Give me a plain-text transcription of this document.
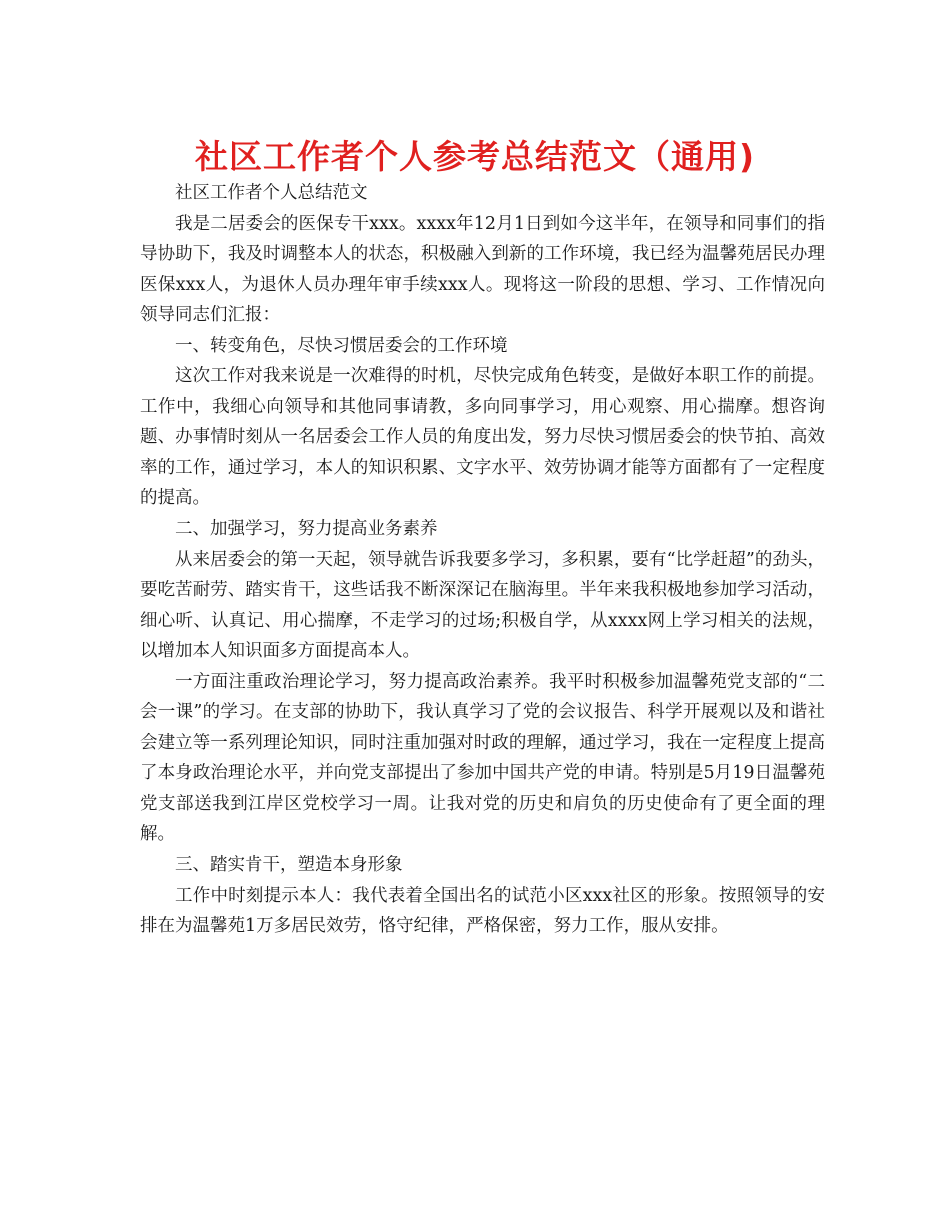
社区工作者个人参考总结范文（通用)

社区工作者个人总结范文

我是二居委会的医保专干xxx。xxxx年12月1日到如今这半年，在领导和同事们的指导协助下，我及时调整本人的状态，积极融入到新的工作环境，我已经为温馨苑居民办理医保xxx人，为退休人员办理年审手续xxx人。现将这一阶段的思想、学习、工作情况向领导同志们汇报：

一、转变角色，尽快习惯居委会的工作环境

这次工作对我来说是一次难得的时机，尽快完成角色转变，是做好本职工作的前提。工作中，我细心向领导和其他同事请教，多向同事学习，用心观察、用心揣摩。想咨询题、办事情时刻从一名居委会工作人员的角度出发，努力尽快习惯居委会的快节拍、高效率的工作，通过学习，本人的知识积累、文字水平、效劳协调才能等方面都有了一定程度的提高。

二、加强学习，努力提高业务素养

从来居委会的第一天起，领导就告诉我要多学习，多积累，要有“比学赶超”的劲头，要吃苦耐劳、踏实肯干，这些话我不断深深记在脑海里。半年来我积极地参加学习活动，细心听、认真记、用心揣摩，不走学习的过场;积极自学，从xxxx网上学习相关的法规，以增加本人知识面多方面提高本人。

一方面注重政治理论学习，努力提高政治素养。我平时积极参加温馨苑党支部的“二会一课”的学习。在支部的协助下，我认真学习了党的会议报告、科学开展观以及和谐社会建立等一系列理论知识，同时注重加强对时政的理解，通过学习，我在一定程度上提高了本身政治理论水平，并向党支部提出了参加中国共产党的申请。特别是5月19日温馨苑党支部送我到江岸区党校学习一周。让我对党的历史和肩负的历史使命有了更全面的理解。

三、踏实肯干，塑造本身形象

工作中时刻提示本人：我代表着全国出名的试范小区xxx社区的形象。按照领导的安排在为温馨苑1万多居民效劳，恪守纪律，严格保密，努力工作，服从安排。
